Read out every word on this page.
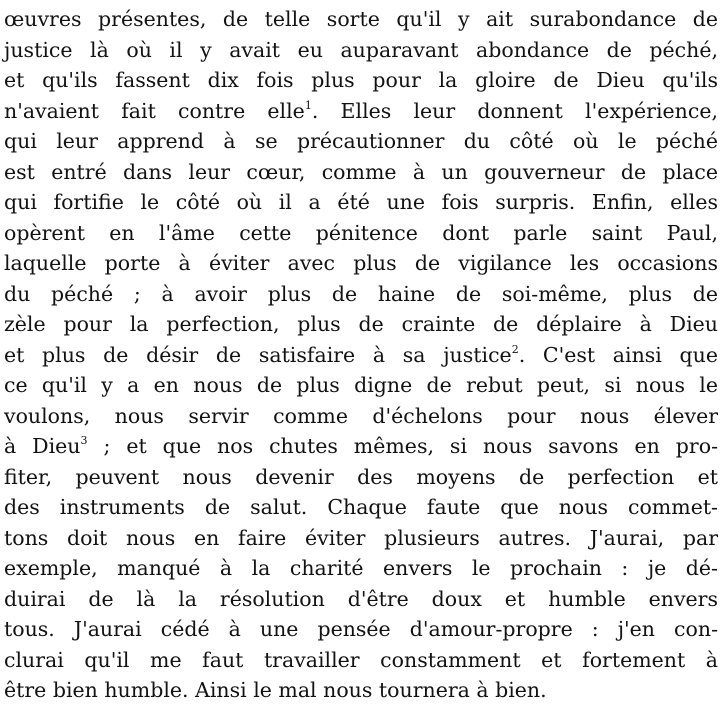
œuvres présentes, de telle sorte qu'il y ait surabondance de
justice là où il y avait eu auparavant abondance de péché,
et qu'ils fassent dix fois plus pour la gloire de Dieu qu'ils
n'avaient fait contre elle$^1$. Elles leur donnent l'expérience,
qui leur apprend à se précautionner du côté où le péché
est entré dans leur cœur, comme à un gouverneur de place
qui fortifie le côté où il a été une fois surpris. Enfin, elles
opèrent en l'âme cette pénitence dont parle saint Paul,
laquelle porte à éviter avec plus de vigilance les occasions
du péché ; à avoir plus de haine de soi-même, plus de
zèle pour la perfection, plus de crainte de déplaire à Dieu
et plus de désir de satisfaire à sa justice$^2$. C'est ainsi que
ce qu'il y a en nous de plus digne de rebut peut, si nous le
voulons, nous servir comme d'échelons pour nous élever
à Dieu$^3$ ; et que nos chutes mêmes, si nous savons en pro-
fiter, peuvent nous devenir des moyens de perfection et
des instruments de salut. Chaque faute que nous commet-
tons doit nous en faire éviter plusieurs autres. J'aurai, par
exemple, manqué à la charité envers le prochain : je dé-
duirai de là la résolution d'être doux et humble envers
tous. J'aurai cédé à une pensée d'amour-propre : j'en con-
clurai qu'il me faut travailler constamment et fortement à
être bien humble. Ainsi le mal nous tournera à bien.
